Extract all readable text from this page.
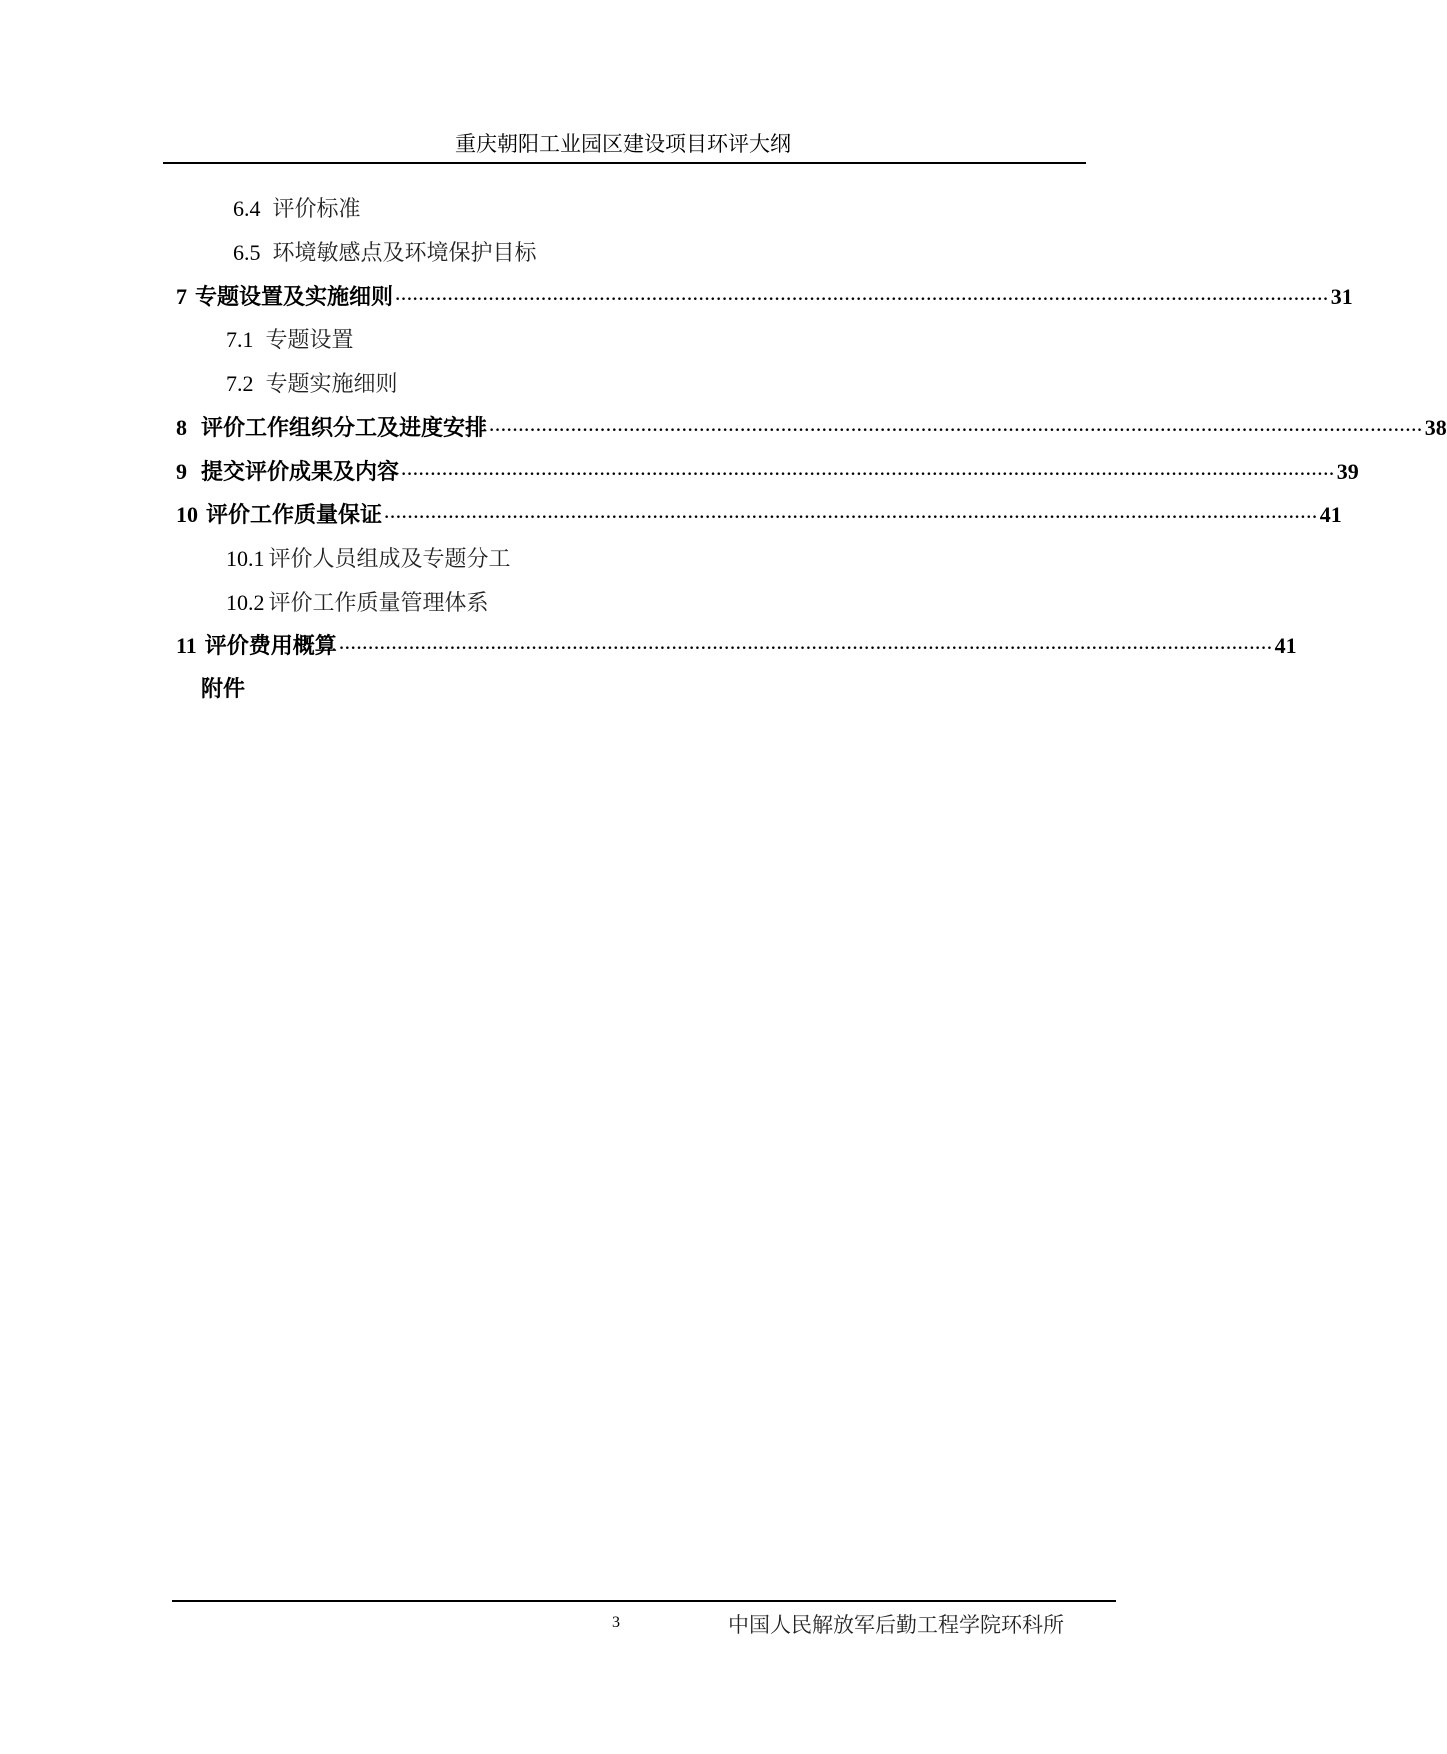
重庆朝阳工业园区建设项目环评大纲
6.4 评价标准
6.5 环境敏感点及环境保护目标
7 专题设置及实施细则 ································································································································································ 31
7.1 专题设置
7.2 专题实施细则
8 评价工作组织分工及进度安排 ································································································································································ 38
9 提交评价成果及内容 ································································································································································ 39
10 评价工作质量保证 ································································································································································ 41
10.1 评价人员组成及专题分工
10.2 评价工作质量管理体系
11 评价费用概算 ································································································································································ 41
附件
3	中国人民解放军后勤工程学院环科所
